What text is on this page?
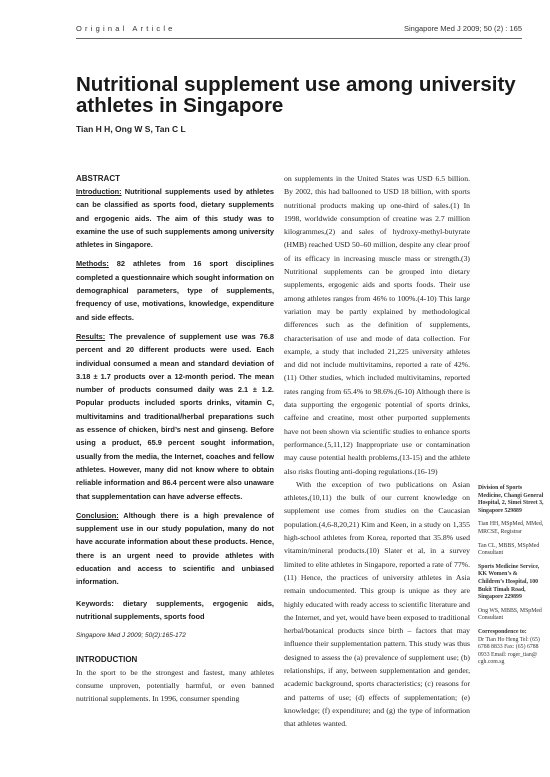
Original Article	Singapore Med J 2009; 50 (2) : 165
Nutritional supplement use among university athletes in Singapore
Tian H H, Ong W S, Tan C L
ABSTRACT

Introduction: Nutritional supplements used by athletes can be classified as sports food, dietary supplements and ergogenic aids. The aim of this study was to examine the use of such supplements among university athletes in Singapore.

Methods: 82 athletes from 16 sport disciplines completed a questionnaire which sought information on demographical parameters, type of supplements, frequency of use, motivations, knowledge, expenditure and side effects.

Results: The prevalence of supplement use was 76.8 percent and 20 different products were used. Each individual consumed a mean and standard deviation of 3.18 ± 1.7 products over a 12-month period. The mean number of products consumed daily was 2.1 ± 1.2. Popular products included sports drinks, vitamin C, multivitamins and traditional/herbal preparations such as essence of chicken, bird’s nest and ginseng. Before using a product, 65.9 percent sought information, usually from the media, the Internet, coaches and fellow athletes. However, many did not know where to obtain reliable information and 86.4 percent were also unaware that supplementation can have adverse effects.

Conclusion: Although there is a high prevalence of supplement use in our study population, many do not have accurate information about these products. Hence, there is an urgent need to provide athletes with education and access to scientific and unbiased information.

Keywords: dietary supplements, ergogenic aids, nutritional supplements, sports food

Singapore Med J 2009; 50(2):165-172

INTRODUCTION

In the sport to be the strongest and fastest, many athletes consume unproven, potentially harmful, or even banned nutritional supplements. In 1996, consumer spending

on supplements in the United States was USD 6.5 billion. By 2002, this had ballooned to USD 18 billion, with sports nutritional products making up one-third of sales.(1) In 1998, worldwide consumption of creatine was 2.7 million kilogrammes,(2) and sales of hydroxy-methyl-butyrate (HMB) reached USD 50–60 million, despite any clear proof of its efficacy in increasing muscle mass or strength.(3) Nutritional supplements can be grouped into dietary supplements, ergogenic aids and sports foods. Their use among athletes ranges from 46% to 100%.(4-10) This large variation may be partly explained by methodological differences such as the definition of supplements, characterisation of use and mode of data collection. For example, a study that included 21,225 university athletes and did not include multivitamins, reported a rate of 42%.(11) Other studies, which included multivitamins, reported rates ranging from 65.4% to 98.6%.(6-10) Although there is data supporting the ergogenic potential of sports drinks, caffeine and creatine, most other purported supplements have not been shown via scientific studies to enhance sports performance.(5,11,12) Inappropriate use or contamination may cause potential health problems,(13-15) and the athlete also risks flouting anti-doping regulations.(16-19)

With the exception of two publications on Asian athletes,(10,11) the bulk of our current knowledge on supplement use comes from studies on the Caucasian population.(4,6-8,20,21) Kim and Keen, in a study on 1,355 high-school athletes from Korea, reported that 35.8% used vitamin/mineral products.(10) Slater et al, in a survey limited to elite athletes in Singapore, reported a rate of 77%.(11) Hence, the practices of university athletes in Asia remain undocumented. This group is unique as they are highly educated with ready access to scientific literature and the Internet, and yet, would have been exposed to traditional herbal/botanical products since birth – factors that may influence their supplementation pattern. This study was thus designed to assess the (a) prevalence of supplement use; (b) relationships, if any, between supplementation and gender, academic background, sports characteristics; (c) reasons for and patterns of use; (d) effects of supplementation; (e) knowledge; (f) expenditure; and (g) the type of information that athletes wanted.

Division of Sports Medicine, Changi General Hospital, 2, Simei Street 3, Singapore 529889
Tian HH, MSpMed, MMed, MRCSE, Registrar
Tan CL, MBBS, MSpMed Consultant
Sports Medicine Service, KK Women’s & Children’s Hospital, 100 Bukit Timah Road, Singapore 229899
Ong WS, MBBS, MSpMed Consultant
Correspondence to:
Dr Tian Ho Heng Tel: (65) 6788 8833 Fax: (65) 6788 0933 Email: roger_tian@ cgh.com.sg
